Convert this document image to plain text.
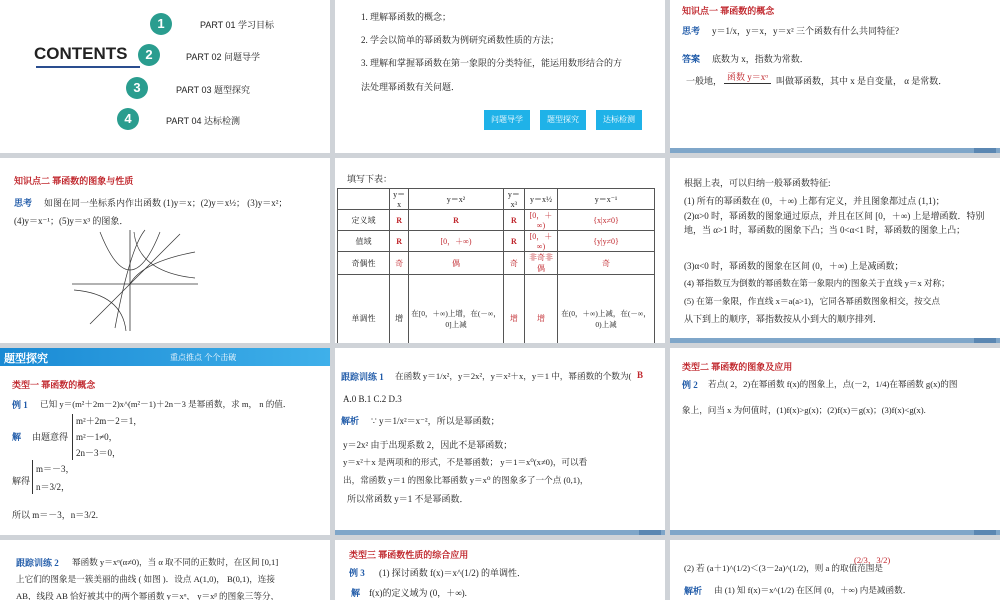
CONTENTS
1	PART 01 学习目标
2	PART 02 问题导学
3	PART 03 题型探究
4	PART 04 达标检测
1. 理解幂函数的概念；
2. 学会以简单的幂函数为例研究函数性质的方法；
3. 理解和掌握幂函数在第一象限的分类特征，能运用数形结合的方
法处理幂函数有关问题．
问题导学	题型探究	达标检测
知识点一 幂函数的概念
思考 y＝1/x，y＝x，y＝x² 三个函数有什么共同特征?
答案 底数为 x，指数为常数．
一般地， 函数 y＝xᵅ 叫做幂函数，其中 x 是自变量， α 是常数．
知识点二 幂函数的图象与性质
思考 如图在同一坐标系内作出函数 (1)y＝x；(2)y＝x½； (3)y＝x²；
(4)y＝x⁻¹；(5)y＝x³ 的图象．
填写下表：
	y＝x	y＝x²	y＝x³	y＝x½	y＝x⁻¹
定义域	R	R	R	[0，＋∞)	{x|x≠0}
值域	R	[0，＋∞)	R	[0，＋∞)	{y|y≠0}
奇偶性	奇	偶	奇	非奇非偶	奇
单调性	增	在[0，＋∞)上增，在(－∞，0]上减	增	增	在(0，＋∞)上减，在(－∞，0)上减
根据上表，可以归纳一般幂函数特征:
(1) 所有的幂函数在 (0，＋∞) 上都有定义，并且图象都过点 (1,1)；
(2)α>0 时，幂函数的图象通过原点，并且在区间 [0，＋∞) 上是增函数．特别地，当 α>1 时，幂函数的图象下凸；当 0<α<1 时，幂函数的图象上凸；
(3)α<0 时，幂函数的图象在区间 (0，＋∞) 上是减函数；
(4) 幂指数互为倒数的幂函数在第一象限内的图象关于直线 y＝x 对称；
(5) 在第一象限，作直线 x＝a(a>1)，它同各幂函数图象相交，按交点
从下到上的顺序，幂指数按从小到大的顺序排列．
题型探究	重点推点 个个击破
类型一 幂函数的概念
例 1 已知 y＝(m²＋2m－2)x^(m²－1)＋2n－3 是幂函数，求 m， n 的值．
解 由题意得
m²＋2m－2＝1，
m²－1≠0，
2n－3＝0，
解得
m＝－3，
n＝3/2，
所以 m＝－3，n＝3/2.
跟踪训练 1 在函数 y＝1/x²，y＝2x²，y＝x²＋x，y＝1 中，幂函数的个数为( B
A.0 B.1 C.2 D.3
解析 ∵ y＝1/x²＝x⁻²，所以是幂函数；
y＝2x² 由于出现系数 2，因此不是幂函数；
y＝x²＋x 是两项和的形式，不是幂函数； y＝1＝x⁰(x≠0)，可以看
出，常函数 y＝1 的图象比幂函数 y＝x⁰ 的图象多了一个点 (0,1)，
所以常函数 y＝1 不是幂函数．
类型二 幂函数的图象及应用
例 2 若点( 2，2)在幂函数 f(x)的图象上，点(－2，1/4)在幂函数 g(x)的图
象上，问当 x 为何值时，(1)f(x)>g(x)；(2)f(x)＝g(x)；(3)f(x)<g(x).
跟踪训练 2 幂函数 y＝xᵅ(α≠0)，当 α 取不同的正数时，在区间 [0,1]
上它们的图象是一簇美丽的曲线 ( 如图 )．设点 A(1,0)， B(0,1)，连接
AB，线段 AB 恰好被其中的两个幂函数 y＝xᵅ， y＝xᵝ 的图象三等分，
类型三 幂函数性质的综合应用
例 3 (1) 探讨函数 f(x)＝x^(1/2) 的单调性．
解 f(x)的定义域为 (0，＋∞).
(2) 若 (a＋1)^(1/2)＜(3－2a)^(1/2)，则 a 的取值范围是
(2/3，3/2)
解析 由 (1) 知 f(x)＝x^(1/2) 在区间 (0，＋∞) 内是减函数．
